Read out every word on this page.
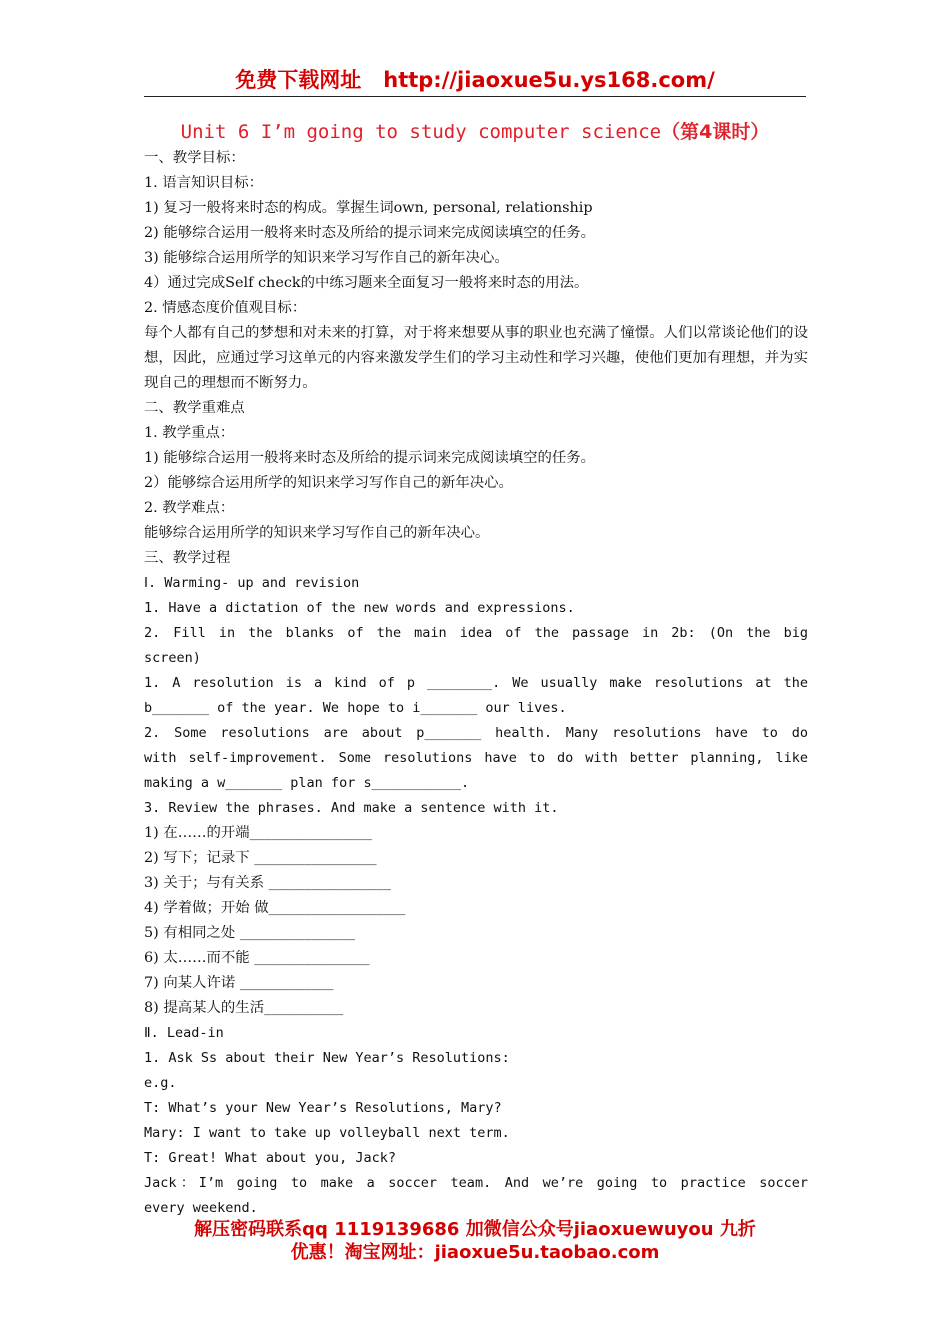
免费下载网址 http://jiaoxue5u.ys168.com/
Unit 6 I’m going to study computer science（第4课时）
一、教学目标：
1. 语言知识目标：
1) 复习一般将来时态的构成。掌握生词own, personal, relationship
2) 能够综合运用一般将来时态及所给的提示词来完成阅读填空的任务。
3) 能够综合运用所学的知识来学习写作自己的新年决心。
4）通过完成Self check的中练习题来全面复习一般将来时态的用法。
2. 情感态度价值观目标：
每个人都有自己的梦想和对未来的打算，对于将来想要从事的职业也充满了憧憬。人们以常谈论他们的设想，因此，应通过学习这单元的内容来激发学生们的学习主动性和学习兴趣，使他们更加有理想，并为实现自己的理想而不断努力。
二、教学重难点
1. 教学重点：
1) 能够综合运用一般将来时态及所给的提示词来完成阅读填空的任务。
2）能够综合运用所学的知识来学习写作自己的新年决心。
2. 教学难点：
能够综合运用所学的知识来学习写作自己的新年决心。
三、教学过程
Ⅰ. Warming- up and revision
1. Have a dictation of the new words and expressions.
2. Fill in the blanks of the main idea of the passage in 2b: (On the big
screen)
1. A resolution is a kind of p ________. We usually make resolutions at the
b_______ of the year. We hope to i_______ our lives.
2. Some resolutions are about p_______ health. Many resolutions have to do
with self-improvement. Some resolutions have to do with better planning, like
making a w_______ plan for s___________.
3. Review the phrases. And make a sentence with it.
1) 在……的开端_________________
2) 写下；记录下 _________________
3) 关于；与有关系 _________________
4) 学着做；开始 做___________________
5) 有相同之处 ________________
6) 太……而不能 ________________
7) 向某人许诺 _____________
8) 提高某人的生活___________
Ⅱ. Lead-in
1. Ask Ss about their New Year’s Resolutions:
e.g.
T: What’s your New Year’s Resolutions, Mary?
Mary: I want to take up volleyball next term.
T: Great! What about you, Jack?
Jack：I’m going to make a soccer team. And we’re going to practice soccer
every weekend.
解压密码联系qq 1119139686 加微信公众号jiaoxuewuyou 九折
优惠！淘宝网址：jiaoxue5u.taobao.com
